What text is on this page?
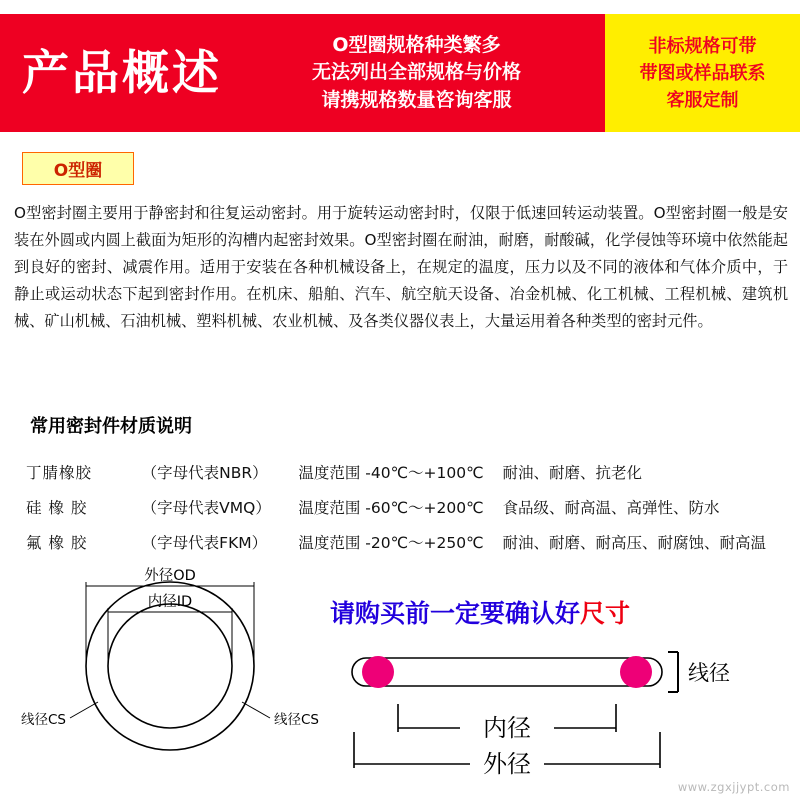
产品概述
O型圈规格种类繁多
无法列出全部规格与价格
请携规格数量咨询客服
非标规格可带
带图或样品联系
客服定制
O型圈
O型密封圈主要用于静密封和往复运动密封。用于旋转运动密封时，仅限于低速回转运动装置。O型密封圈一般是安装在外圆或内圆上截面为矩形的沟槽内起密封效果。O型密封圈在耐油，耐磨，耐酸碱，化学侵蚀等环境中依然能起到良好的密封、减震作用。适用于安装在各种机械设备上，在规定的温度，压力以及不同的液体和气体介质中，于静止或运动状态下起到密封作用。在机床、船舶、汽车、航空航天设备、冶金机械、化工机械、工程机械、建筑机械、矿山机械、石油机械、塑料机械、农业机械、及各类仪器仪表上，大量运用着各种类型的密封元件。
常用密封件材质说明
丁腈橡胶	（字母代表NBR）	温度范围 -40℃～+100℃	耐油、耐磨、抗老化
硅 橡 胶	（字母代表VMQ）	温度范围 -60℃～+200℃	食品级、耐高温、高弹性、防水
氟 橡 胶	（字母代表FKM）	温度范围 -20℃～+250℃	耐油、耐磨、耐高压、耐腐蚀、耐高温
外径OD
内径ID
线径CS	线径CS
请购买前一定要确认好尺寸
线径
内径
外径
www.zgxjjypt.com
